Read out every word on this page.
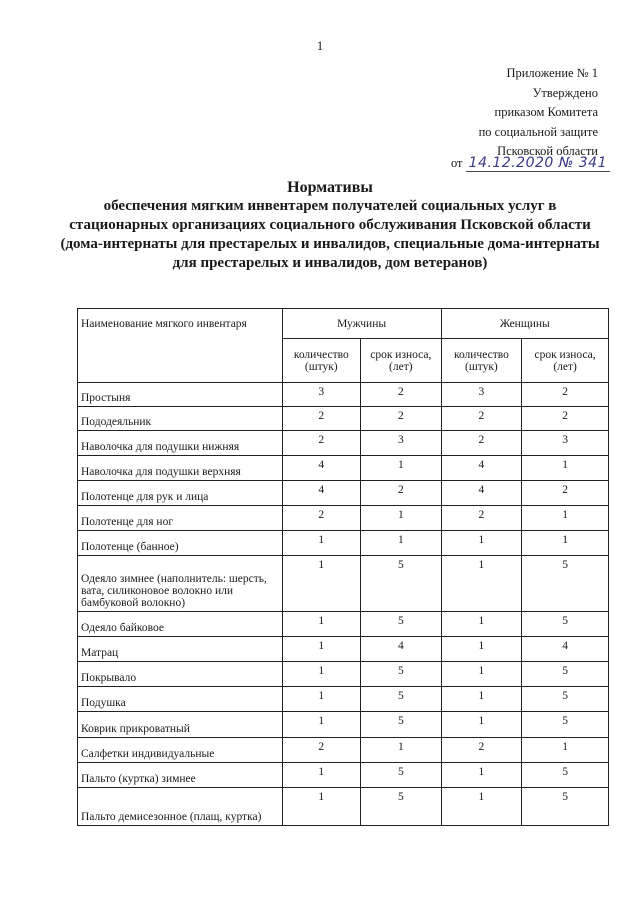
1
Приложение № 1
Утверждено
приказом Комитета
по социальной защите
Псковской области
от 14.12.2020 № 341
Нормативы
обеспечения мягким инвентарем получателей социальных услуг в стационарных организациях социального обслуживания Псковской области (дома-интернаты для престарелых и инвалидов, специальные дома-интернаты для престарелых и инвалидов, дом ветеранов)
Наименование мягкого инвентаря	Мужчины		Женщины	
	количество (штук)	срок износа, (лет)	количество (штук)	срок износа, (лет)
Простыня	3	2	3	2
Пододеяльник	2	2	2	2
Наволочка для подушки нижняя	2	3	2	3
Наволочка для подушки верхняя	4	1	4	1
Полотенце для рук и лица	4	2	4	2
Полотенце для ног	2	1	2	1
Полотенце (банное)	1	1	1	1
Одеяло зимнее (наполнитель: шерсть, вата, силиконовое волокно или бамбуковой волокно)	1	5	1	5
Одеяло байковое	1	5	1	5
Матрац	1	4	1	4
Покрывало	1	5	1	5
Подушка	1	5	1	5
Коврик прикроватный	1	5	1	5
Салфетки индивидуальные	2	1	2	1
Пальто (куртка) зимнее	1	5	1	5
Пальто демисезонное (плащ, куртка)	1	5	1	5
